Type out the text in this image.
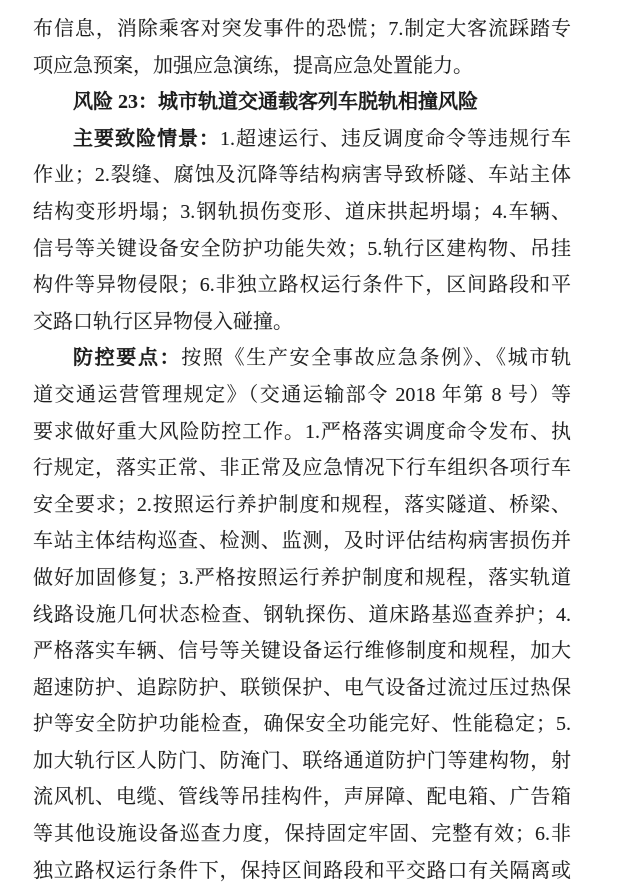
布信息，消除乘客对突发事件的恐慌；7.制定大客流踩踏专
项应急预案，加强应急演练，提高应急处置能力。
风险 23：城市轨道交通载客列车脱轨相撞风险
主要致险情景：1.超速运行、违反调度命令等违规行车
作业；2.裂缝、腐蚀及沉降等结构病害导致桥隧、车站主体
结构变形坍塌；3.钢轨损伤变形、道床拱起坍塌；4.车辆、
信号等关键设备安全防护功能失效；5.轨行区建构物、吊挂
构件等异物侵限；6.非独立路权运行条件下，区间路段和平
交路口轨行区异物侵入碰撞。
防控要点：按照《生产安全事故应急条例》、《城市轨
道交通运营管理规定》（交通运输部令 2018 年第 8 号）等
要求做好重大风险防控工作。1.严格落实调度命令发布、执
行规定，落实正常、非正常及应急情况下行车组织各项行车
安全要求；2.按照运行养护制度和规程，落实隧道、桥梁、
车站主体结构巡查、检测、监测，及时评估结构病害损伤并
做好加固修复；3.严格按照运行养护制度和规程，落实轨道
线路设施几何状态检查、钢轨探伤、道床路基巡查养护；4.
严格落实车辆、信号等关键设备运行维修制度和规程，加大
超速防护、追踪防护、联锁保护、电气设备过流过压过热保
护等安全防护功能检查，确保安全功能完好、性能稳定；5.
加大轨行区人防门、防淹门、联络通道防护门等建构物，射
流风机、电缆、管线等吊挂构件，声屏障、配电箱、广告箱
等其他设施设备巡查力度，保持固定牢固、完整有效；6.非
独立路权运行条件下，保持区间路段和平交路口有关隔离或
